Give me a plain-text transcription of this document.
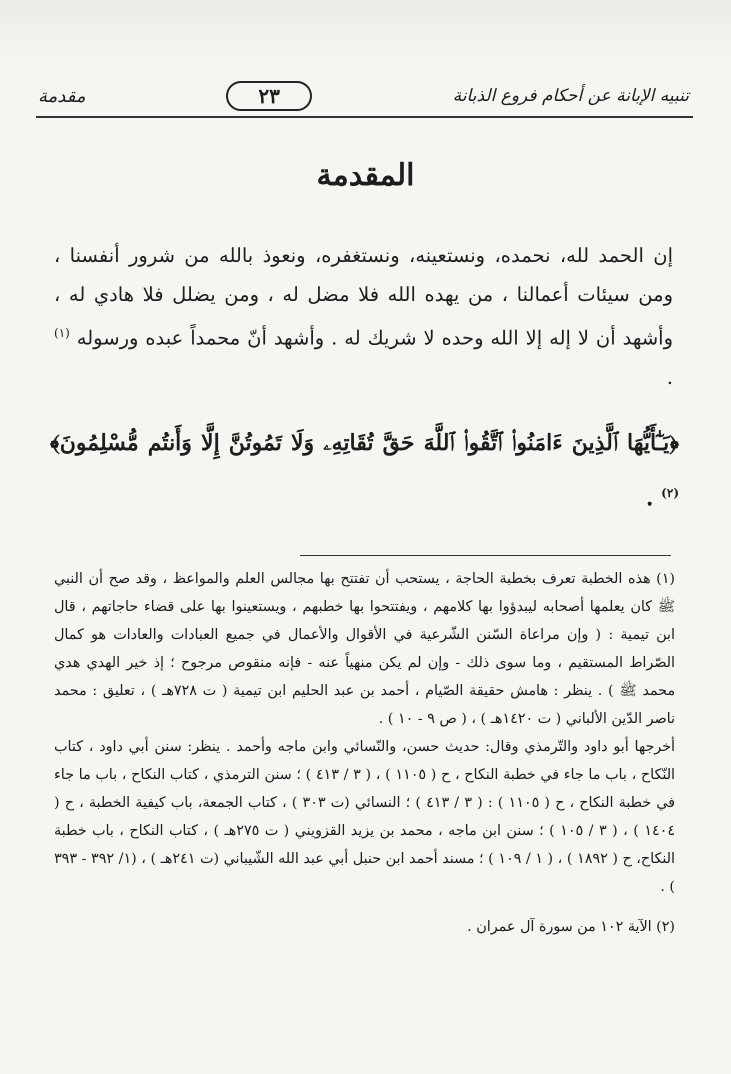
تنبيه الإبانة عن أحكام فروع الذبانة
٢٣
مقدمة
المقدمة

إن الحمد لله، نحمده، ونستعينه، ونستغفره، ونعوذ بالله من شرور أنفسنا ، ومن سيئات أعمالنا ، من يهده الله فلا مضل له ، ومن يضلل فلا هادي له ، وأشهد أن لا إله إلا الله وحده لا شريك له . وأشهد أنّ محمداً عبده ورسوله $^{(١)}$ .

﴿يَـٰٓأَيُّهَا ٱلَّذِينَ ءَامَنُوا۟ ٱتَّقُوا۟ ٱللَّهَ حَقَّ تُقَاتِهِۦ وَلَا تَمُوتُنَّ إِلَّا وَأَنتُم مُّسْلِمُونَ﴾$^{(٢)}$ .

(١) هذه الخطبة تعرف بخطبة الحاجة ، يستحب أن تفتتح بها مجالس العلم والمواعظ ، وقد صح أن النبي ﷺ كان يعلمها أصحابه ليبدؤوا بها كلامهم ، ويفتتحوا بها خطبهم ، ويستعينوا بها على قضاء حاجاتهم ، قال ابن تيمية : ( وإن مراعاة السّنن الشّرعية في الأقوال والأعمال في جميع العبادات والعادات هو كمال الصّراط المستقيم ، وما سوى ذلك - وإن لم يكن منهياً عنه - فإنه منقوص مرجوح ؛ إذ خير الهدي هدي محمد ﷺ ) . ينظر : هامش حقيقة الصّيام ، أحمد بن عبد الحليم ابن تيمية ( ت ٧٢٨هـ ) ، تعليق : محمد ناصر الدّين الألباني ( ت ١٤٢٠هـ ) ، ( ص ٩ - ١٠ ) .

أخرجها أبو داود والتّرمذي وقال: حديث حسن، والنّسائي وابن ماجه وأحمد . ينظر: سنن أبي داود ، كتاب النّكاح ، باب ما جاء في خطبة النكاح ، ح ( ١١٠٥ ) ، ( ٣ / ٤١٣ ) ؛ سنن الترمذي ، كتاب النكاح ، باب ما جاء في خطبة النكاح ، ح ( ١١٠٥ ) : ( ٣ / ٤١٣ ) ؛ النسائي (ت ٣٠٣ ) ، كتاب الجمعة، باب كيفية الخطبة ، ح ( ١٤٠٤ ) ، ( ٣ / ١٠٥ ) ؛ سنن ابن ماجه ، محمد بن يزيد القزويني ( ت ٢٧٥هـ ) ، كتاب النكاح ، باب خطبة النكاح، ح ( ١٨٩٢ ) ، ( ١ / ١٠٩ ) ؛ مسند أحمد ابن حنبل أبي عبد الله الشّيباني (ت ٢٤١هـ ) ، (١/ ٣٩٢ - ٣٩٣ ) .

(٢) الآية ١٠٢ من سورة آل عمران .
